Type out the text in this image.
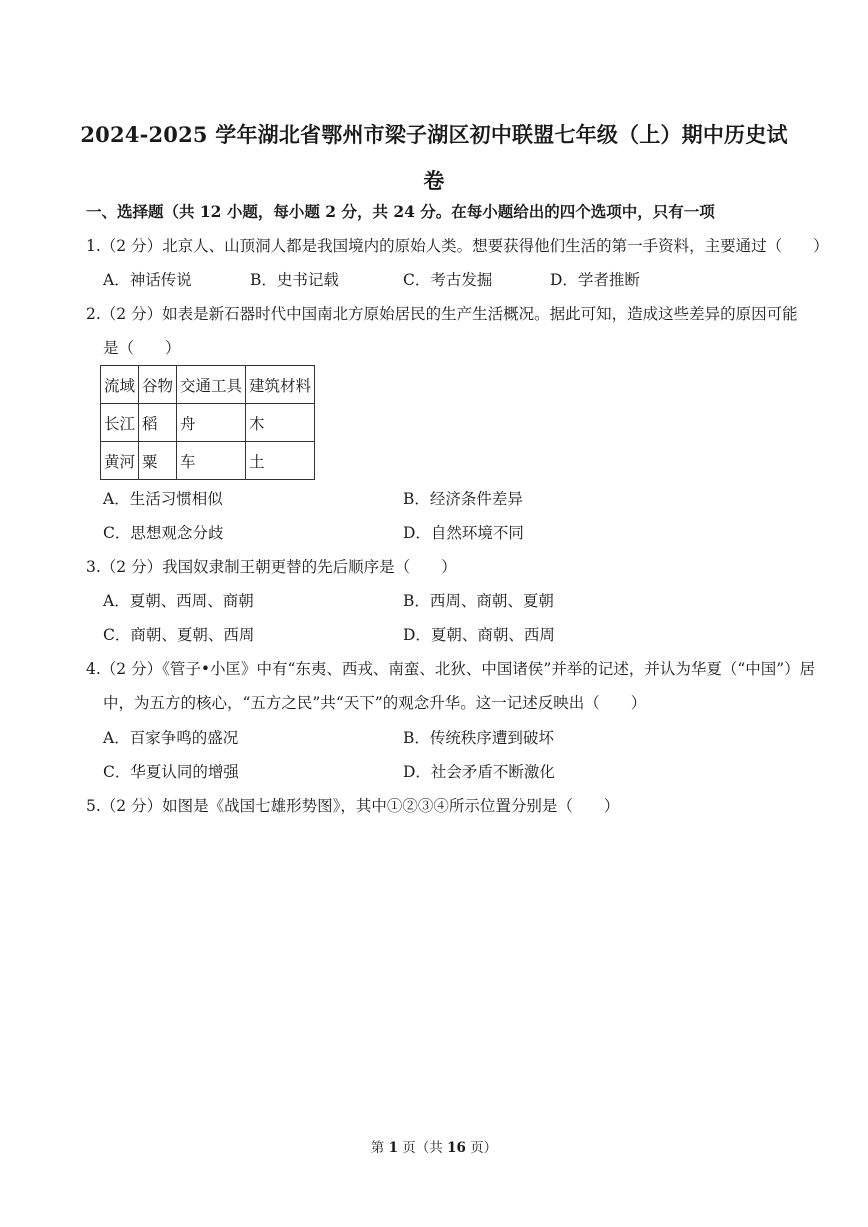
2024-2025 学年湖北省鄂州市梁子湖区初中联盟七年级（上）期中历史试
卷
一、选择题（共 12 小题，每小题 2 分，共 24 分。在每小题给出的四个选项中，只有一项
1.（2 分）北京人、山顶洞人都是我国境内的原始人类。想要获得他们生活的第一手资料，主要通过（　　）
A．神话传说	B．史书记载	C．考古发掘	D．学者推断
2.（2 分）如表是新石器时代中国南北方原始居民的生产生活概况。据此可知，造成这些差异的原因可能
是（　　）
流域	谷物	交通工具	建筑材料
长江	稻	舟	木
黄河	粟	车	土
A．生活习惯相似	B．经济条件差异
C．思想观念分歧	D．自然环境不同
3.（2 分）我国奴隶制王朝更替的先后顺序是（　　）
A．夏朝、西周、商朝	B．西周、商朝、夏朝
C．商朝、夏朝、西周	D．夏朝、商朝、西周
4.（2 分）《管子•小匡》中有“东夷、西戎、南蛮、北狄、中国诸侯”并举的记述，并认为华夏（“中国”）居
中，为五方的核心，“五方之民”共“天下”的观念升华。这一记述反映出（　　）
A．百家争鸣的盛况	B．传统秩序遭到破坏
C．华夏认同的增强	D．社会矛盾不断激化
5.（2 分）如图是《战国七雄形势图》，其中①②③④所示位置分别是（　　）
第 1 页（共 16 页）
